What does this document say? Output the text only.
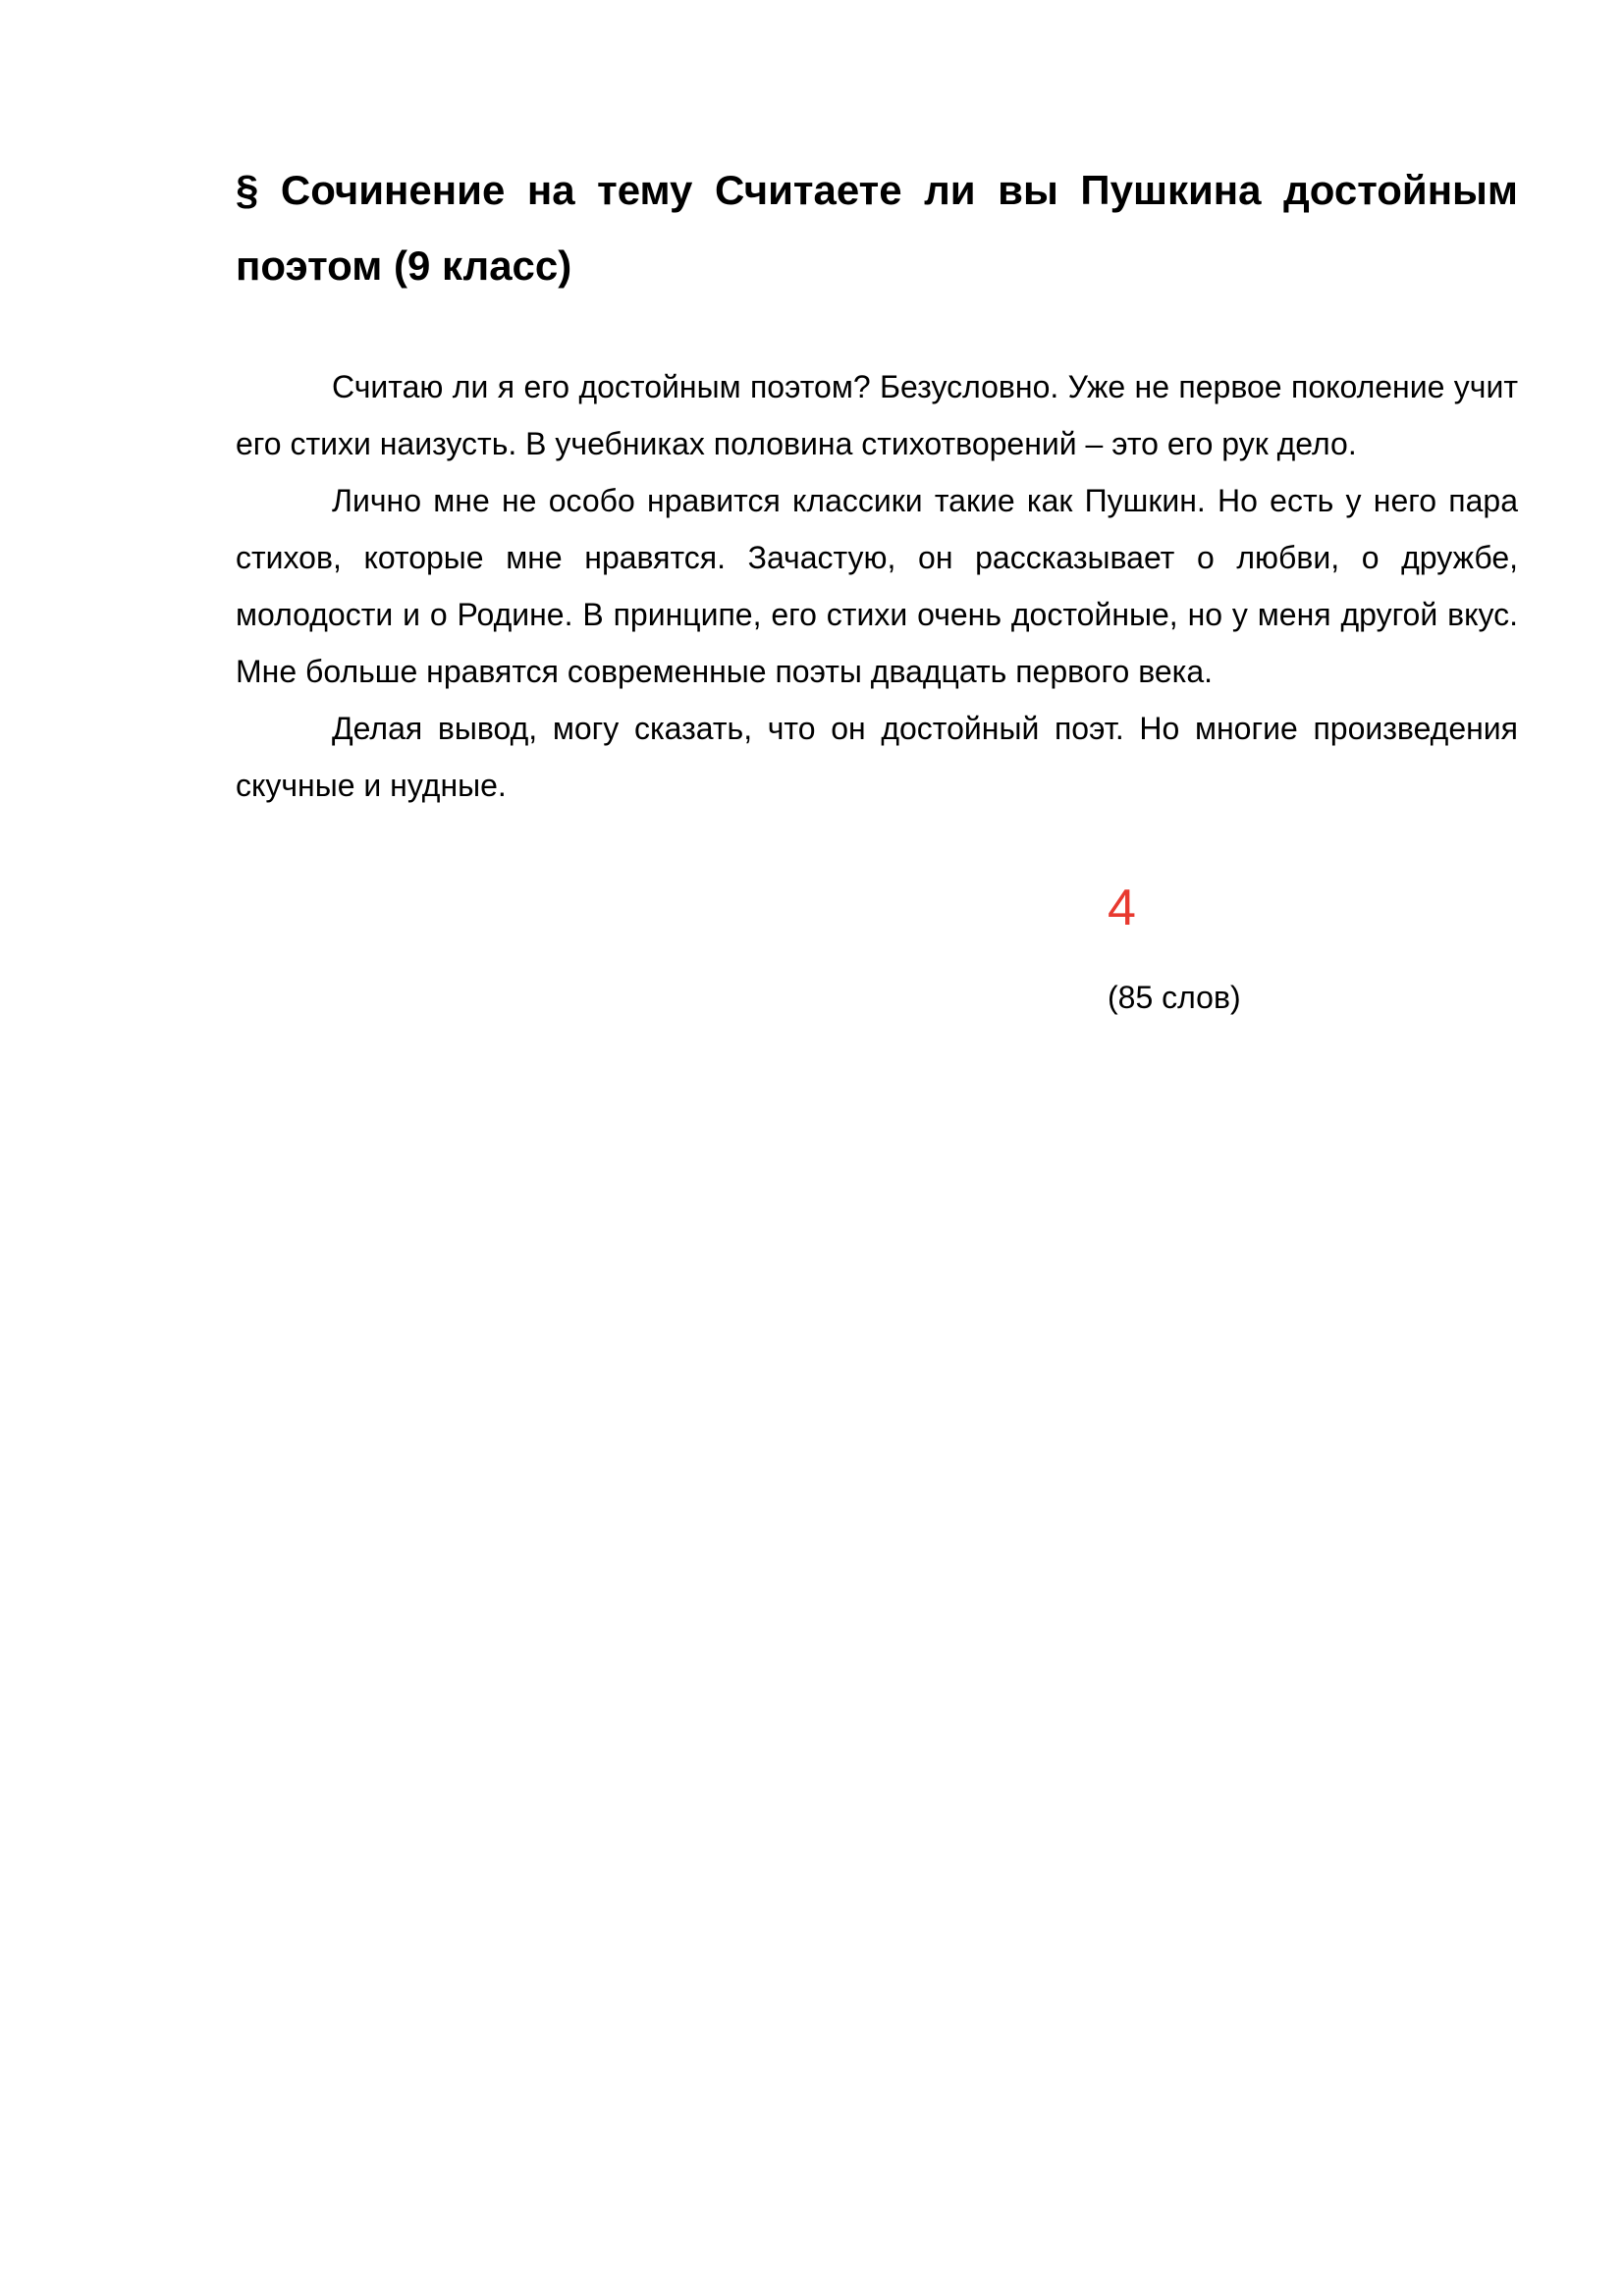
§ Сочинение на тему Считаете ли вы Пушкина достойным поэтом (9 класс)

Считаю ли я его достойным поэтом? Безусловно. Уже не первое поколение учит его стихи наизусть. В учебниках половина стихотворений – это его рук дело.

Лично мне не особо нравится классики такие как Пушкин. Но есть у него пара стихов, которые мне нравятся. Зачастую, он рассказывает о любви, о дружбе, молодости и о Родине. В принципе, его стихи очень достойные, но у меня другой вкус. Мне больше нравятся современные поэты двадцать первого века.

Делая вывод, могу сказать, что он достойный поэт. Но многие произведения скучные и нудные.

4
(85 слов)
